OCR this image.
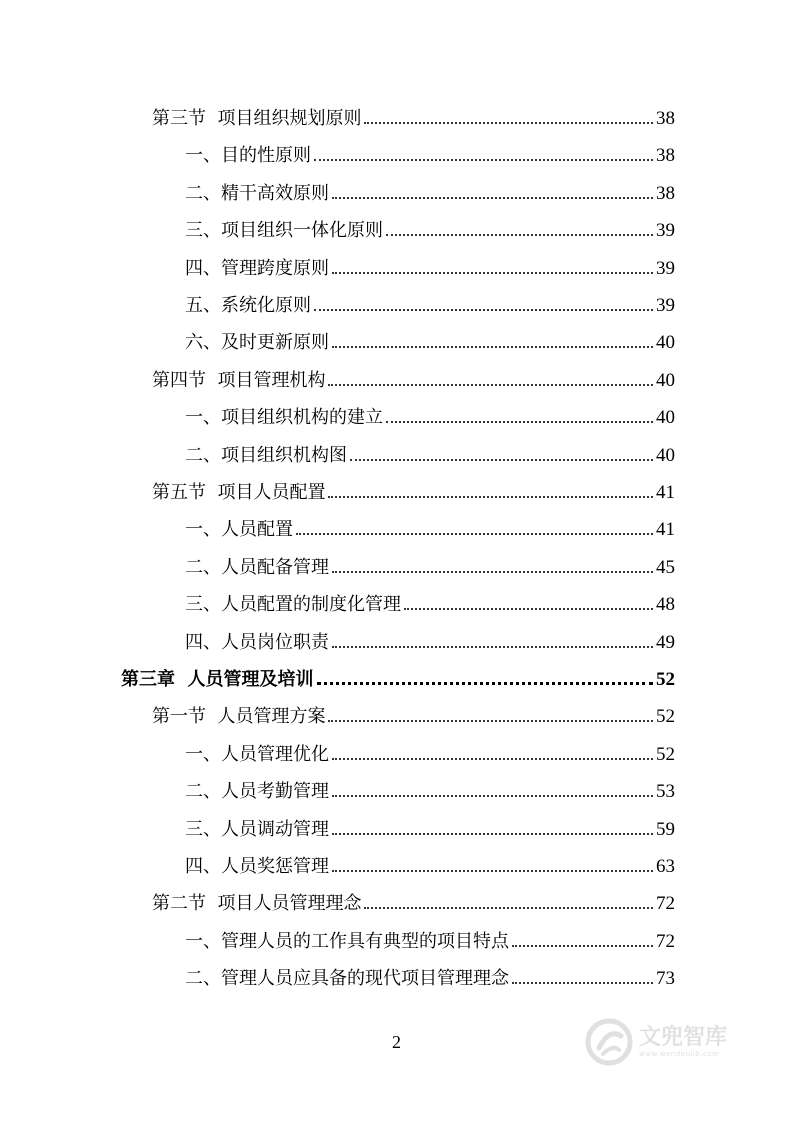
第三节  项目组织规划原则	38
一、目的性原则	38
二、精干高效原则	38
三、项目组织一体化原则	39
四、管理跨度原则	39
五、系统化原则	39
六、及时更新原则	40
第四节  项目管理机构	40
一、项目组织机构的建立	40
二、项目组织机构图	40
第五节  项目人员配置	41
一、人员配置	41
二、人员配备管理	45
三、人员配置的制度化管理	48
四、人员岗位职责	49
第三章  人员管理及培训	52
第一节  人员管理方案	52
一、人员管理优化	52
二、人员考勤管理	53
三、人员调动管理	59
四、人员奖惩管理	63
第二节  项目人员管理理念	72
一、管理人员的工作具有典型的项目特点	72
二、管理人员应具备的现代项目管理理念	73
2	文兜智库
www.wendoulib.com
